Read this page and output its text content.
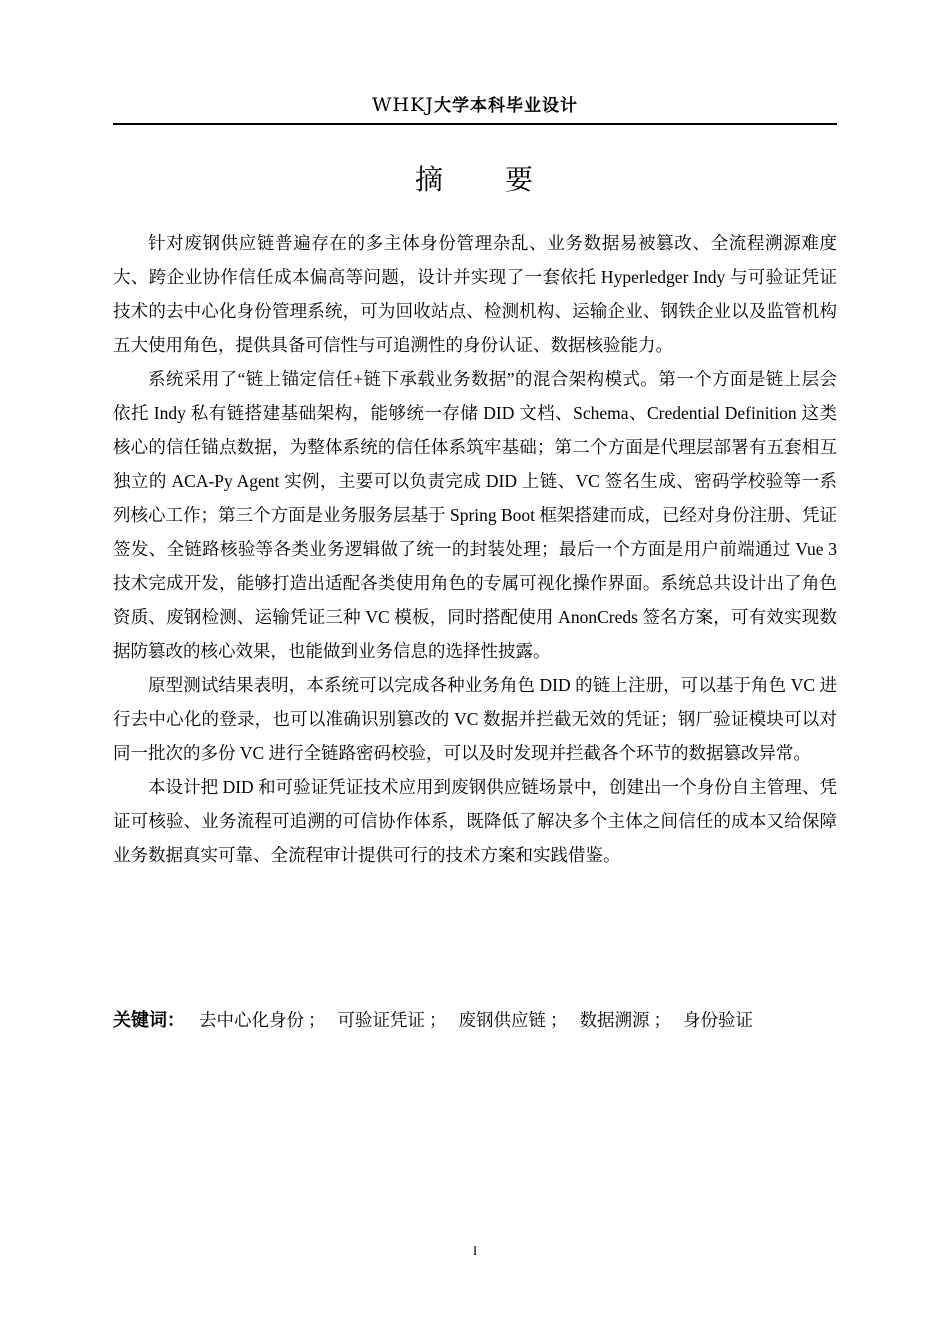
WHKJ大学本科毕业设计
摘 要

针对废钢供应链普遍存在的多主体身份管理杂乱、业务数据易被篡改、全流程溯源难度大、跨企业协作信任成本偏高等问题，设计并实现了一套依托 Hyperledger Indy 与可验证凭证技术的去中心化身份管理系统，可为回收站点、检测机构、运输企业、钢铁企业以及监管机构五大使用角色，提供具备可信性与可追溯性的身份认证、数据核验能力。

系统采用了“链上锚定信任+链下承载业务数据”的混合架构模式。第一个方面是链上层会依托 Indy 私有链搭建基础架构，能够统一存储 DID 文档、Schema、Credential Definition 这类核心的信任锚点数据，为整体系统的信任体系筑牢基础；第二个方面是代理层部署有五套相互独立的 ACA-Py Agent 实例，主要可以负责完成 DID 上链、VC 签名生成、密码学校验等一系列核心工作；第三个方面是业务服务层基于 Spring Boot 框架搭建而成，已经对身份注册、凭证签发、全链路核验等各类业务逻辑做了统一的封装处理；最后一个方面是用户前端通过 Vue 3 技术完成开发，能够打造出适配各类使用角色的专属可视化操作界面。系统总共设计出了角色资质、废钢检测、运输凭证三种 VC 模板，同时搭配使用 AnonCreds 签名方案，可有效实现数据防篡改的核心效果，也能做到业务信息的选择性披露。

原型测试结果表明，本系统可以完成各种业务角色 DID 的链上注册，可以基于角色 VC 进行去中心化的登录，也可以准确识别篡改的 VC 数据并拦截无效的凭证；钢厂验证模块可以对同一批次的多份 VC 进行全链路密码校验，可以及时发现并拦截各个环节的数据篡改异常。

本设计把 DID 和可验证凭证技术应用到废钢供应链场景中，创建出一个身份自主管理、凭证可核验、业务流程可追溯的可信协作体系，既降低了解决多个主体之间信任的成本又给保障业务数据真实可靠、全流程审计提供可行的技术方案和实践借鉴。

关键词： 去中心化身份 ； 可验证凭证 ； 废钢供应链 ； 数据溯源 ； 身份验证
I
